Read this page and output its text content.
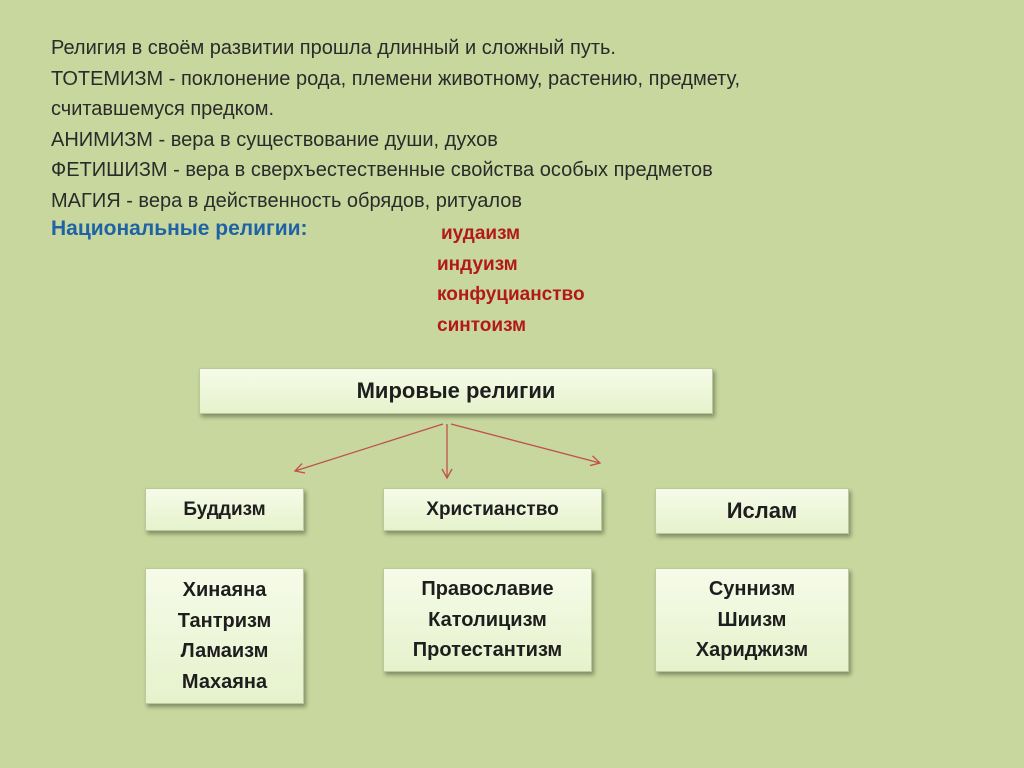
Религия в своём развитии прошла длинный и сложный путь.

ТОТЕМИЗМ - поклонение рода, племени животному, растению, предмету,

считавшемуся предком.

АНИМИЗМ - вера в существование души, духов

ФЕТИШИЗМ - вера в сверхъестественные свойства особых предметов

МАГИЯ - вера в действенность обрядов, ритуалов

Национальные религии:	иудаизм
индуизм
конфуцианство
синтоизм
Мировые религии
Буддизм	Христианство	Ислам
Хинаяна
Тантризм
Ламаизм
Махаяна
Православие
Католицизм
Протестантизм
Суннизм
Шиизм
Хариджизм
